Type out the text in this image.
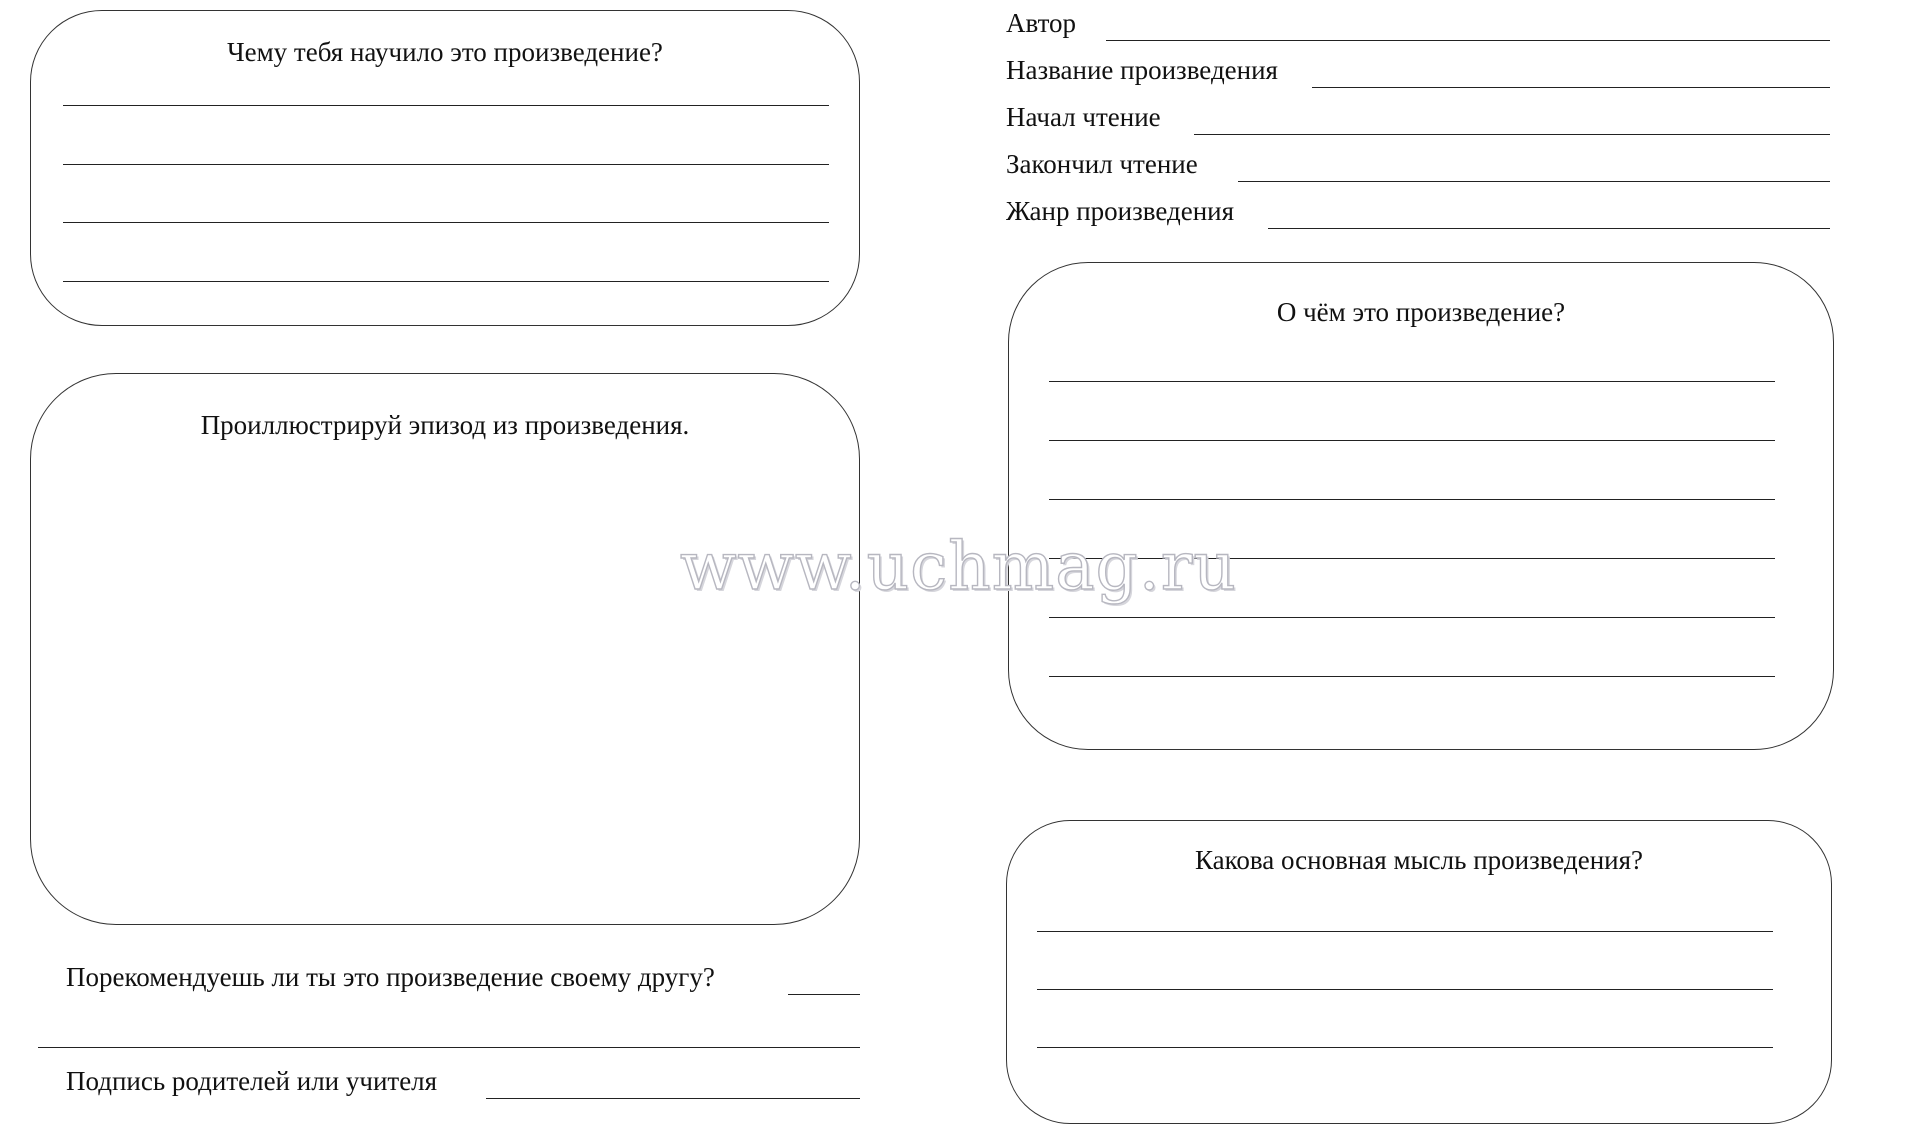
Чему тебя научило это произведение?
Проиллюстрируй эпизод из произведения.
Порекомендуешь ли ты это произведение своему другу?
Подпись родителей или учителя
Автор
Название произведения
Начал чтение
Закончил чтение
Жанр произведения
О чём это произведение?
Какова основная мысль произведения?
www.uchmag.ru
